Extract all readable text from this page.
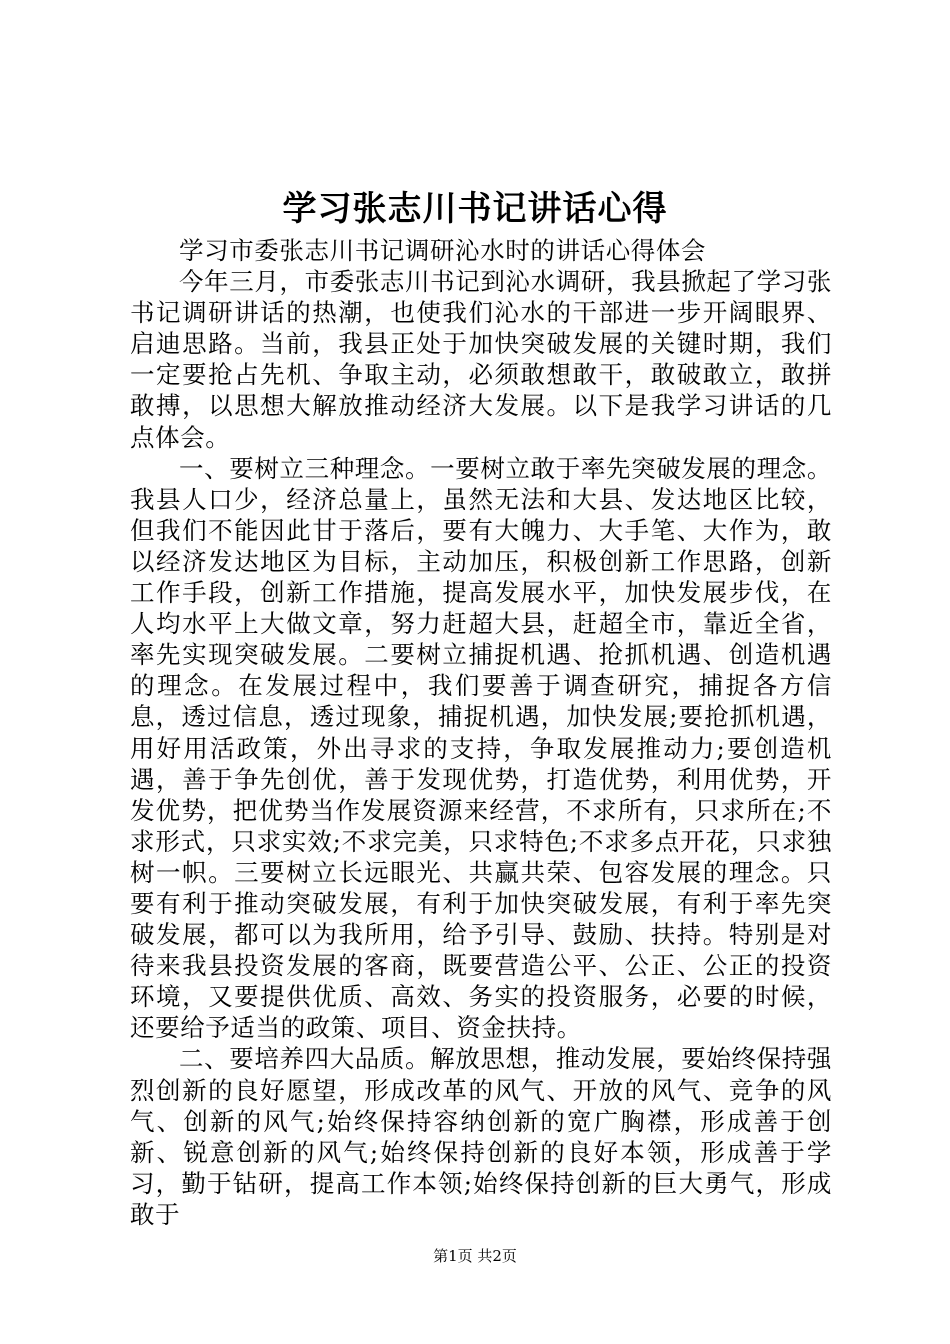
学习张志川书记讲话心得

学习市委张志川书记调研沁水时的讲话心得体会

今年三月，市委张志川书记到沁水调研，我县掀起了学习张书记调研讲话的热潮，也使我们沁水的干部进一步开阔眼界、启迪思路。当前，我县正处于加快突破发展的关键时期，我们一定要抢占先机、争取主动，必须敢想敢干，敢破敢立，敢拼敢搏，以思想大解放推动经济大发展。以下是我学习讲话的几点体会。

一、要树立三种理念。一要树立敢于率先突破发展的理念。我县人口少，经济总量上，虽然无法和大县、发达地区比较，但我们不能因此甘于落后，要有大魄力、大手笔、大作为，敢以经济发达地区为目标，主动加压，积极创新工作思路，创新工作手段，创新工作措施，提高发展水平，加快发展步伐，在人均水平上大做文章，努力赶超大县，赶超全市，靠近全省，率先实现突破发展。二要树立捕捉机遇、抢抓机遇、创造机遇的理念。在发展过程中，我们要善于调查研究，捕捉各方信息，透过信息，透过现象，捕捉机遇，加快发展;要抢抓机遇，用好用活政策，外出寻求的支持，争取发展推动力;要创造机遇，善于争先创优，善于发现优势，打造优势，利用优势，开发优势，把优势当作发展资源来经营，不求所有，只求所在;不求形式，只求实效;不求完美，只求特色;不求多点开花，只求独树一帜。三要树立长远眼光、共赢共荣、包容发展的理念。只要有利于推动突破发展，有利于加快突破发展，有利于率先突破发展，都可以为我所用，给予引导、鼓励、扶持。特别是对待来我县投资发展的客商，既要营造公平、公正、公正的投资环境，又要提供优质、高效、务实的投资服务，必要的时候，还要给予适当的政策、项目、资金扶持。

二、要培养四大品质。解放思想，推动发展，要始终保持强烈创新的良好愿望，形成改革的风气、开放的风气、竞争的风气、创新的风气;始终保持容纳创新的宽广胸襟，形成善于创新、锐意创新的风气;始终保持创新的良好本领，形成善于学习，勤于钻研，提高工作本领;始终保持创新的巨大勇气，形成敢于

第1页 共2页
